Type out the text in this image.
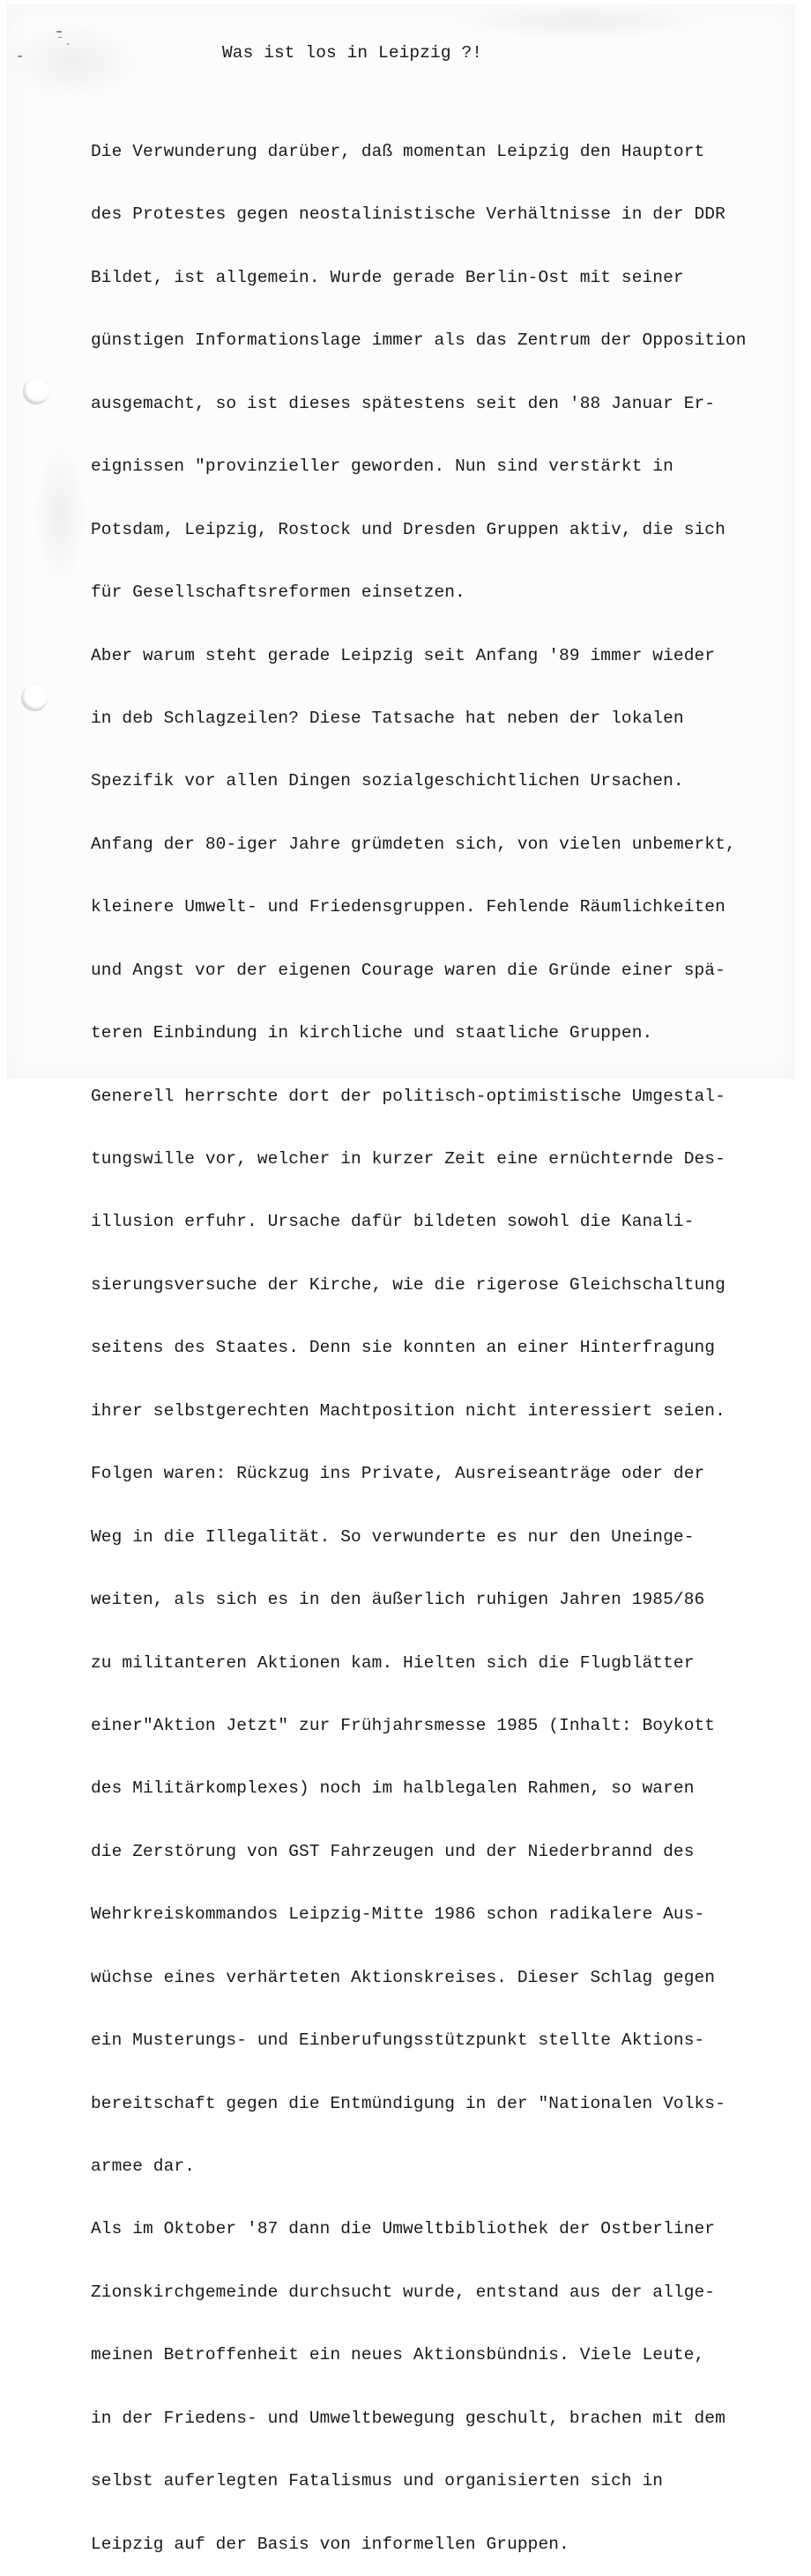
Was ist los in Leipzig ?!

Die Verwunderung darüber, daß momentan Leipzig den Hauptort

des Protestes gegen neostalinistische Verhältnisse in der DDR

Bildet, ist allgemein. Wurde gerade Berlin-Ost mit seiner

günstigen Informationslage immer als das Zentrum der Opposition

ausgemacht, so ist dieses spätestens seit den '88 Januar Er-

eignissen "provinzieller geworden. Nun sind verstärkt in

Potsdam, Leipzig, Rostock und Dresden Gruppen aktiv, die sich

für Gesellschaftsreformen einsetzen.

Aber warum steht gerade Leipzig seit Anfang '89 immer wieder

in deb Schlagzeilen? Diese Tatsache hat neben der lokalen

Spezifik vor allen Dingen sozialgeschichtlichen Ursachen.

Anfang der 80-iger Jahre grümdeten sich, von vielen unbemerkt,

kleinere Umwelt- und Friedensgruppen. Fehlende Räumlichkeiten

und Angst vor der eigenen Courage waren die Gründe einer spä-

teren Einbindung in kirchliche und staatliche Gruppen.

Generell herrschte dort der politisch-optimistische Umgestal-

tungswille vor, welcher in kurzer Zeit eine ernüchternde Des-

illusion erfuhr. Ursache dafür bildeten sowohl die Kanali-

sierungsversuche der Kirche, wie die rigerose Gleichschaltung

seitens des Staates. Denn sie konnten an einer Hinterfragung

ihrer selbstgerechten Machtposition nicht interessiert seien.

Folgen waren: Rückzug ins Private, Ausreiseanträge oder der

Weg in die Illegalität. So verwunderte es nur den Uneinge-

weiten, als sich es in den äußerlich ruhigen Jahren 1985/86

zu militanteren Aktionen kam. Hielten sich die Flugblätter

einer"Aktion Jetzt" zur Frühjahrsmesse 1985 (Inhalt: Boykott

des Militärkomplexes) noch im halblegalen Rahmen, so waren

die Zerstörung von GST Fahrzeugen und der Niederbrannd des

Wehrkreiskommandos Leipzig-Mitte 1986 schon radikalere Aus-

wüchse eines verhärteten Aktionskreises. Dieser Schlag gegen

ein Musterungs- und Einberufungsstützpunkt stellte Aktions-

bereitschaft gegen die Entmündigung in der "Nationalen Volks-

armee dar.

Als im Oktober '87 dann die Umweltbibliothek der Ostberliner

Zionskirchgemeinde durchsucht wurde, entstand aus der allge-

meinen Betroffenheit ein neues Aktionsbündnis. Viele Leute,

in der Friedens- und Umweltbewegung geschult, brachen mit dem

selbst auferlegten Fatalismus und organisierten sich in

Leipzig auf der Basis von informellen Gruppen.
